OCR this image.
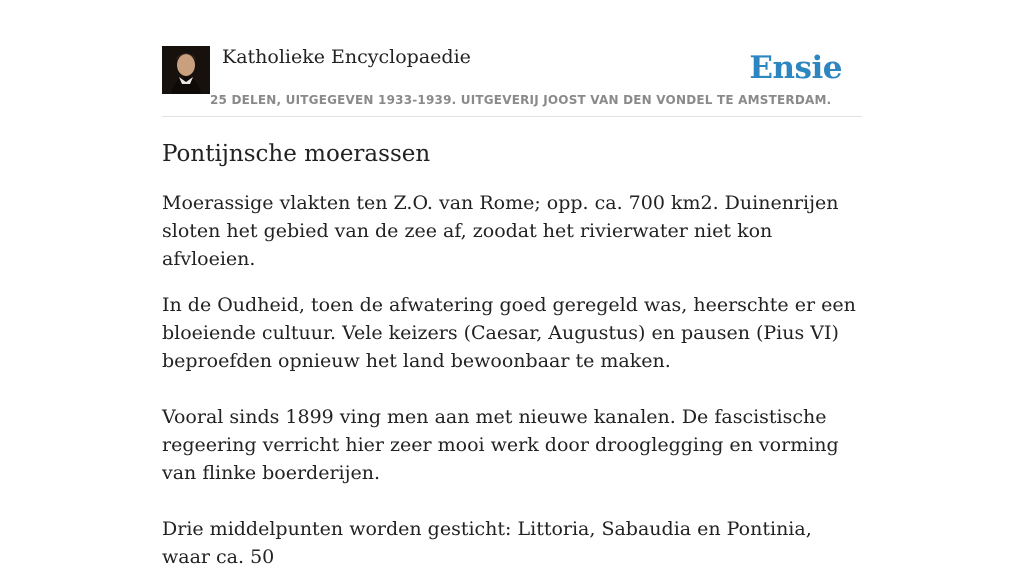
Katholieke Encyclopaedie
25 DELEN, UITGEGEVEN 1933-1939. UITGEVERIJ JOOST VAN DEN VONDEL TE AMSTERDAM.
Ensie
Pontijnsche moerassen

Moerassige vlakten ten Z.O. van Rome; opp. ca. 700 km2. Duinenrijen sloten het gebied van de zee af, zoodat het rivierwater niet kon afvloeien.

In de Oudheid, toen de afwatering goed geregeld was, heerschte er een bloeiende cultuur. Vele keizers (Caesar, Augustus) en pausen (Pius VI) beproefden opnieuw het land bewoonbaar te maken.

Vooral sinds 1899 ving men aan met nieuwe kanalen. De fascistische regeering verricht hier zeer mooi werk door drooglegging en vorming van flinke boerderijen.

Drie middelpunten worden gesticht: Littoria, Sabaudia en Pontinia, waar ca. 50
